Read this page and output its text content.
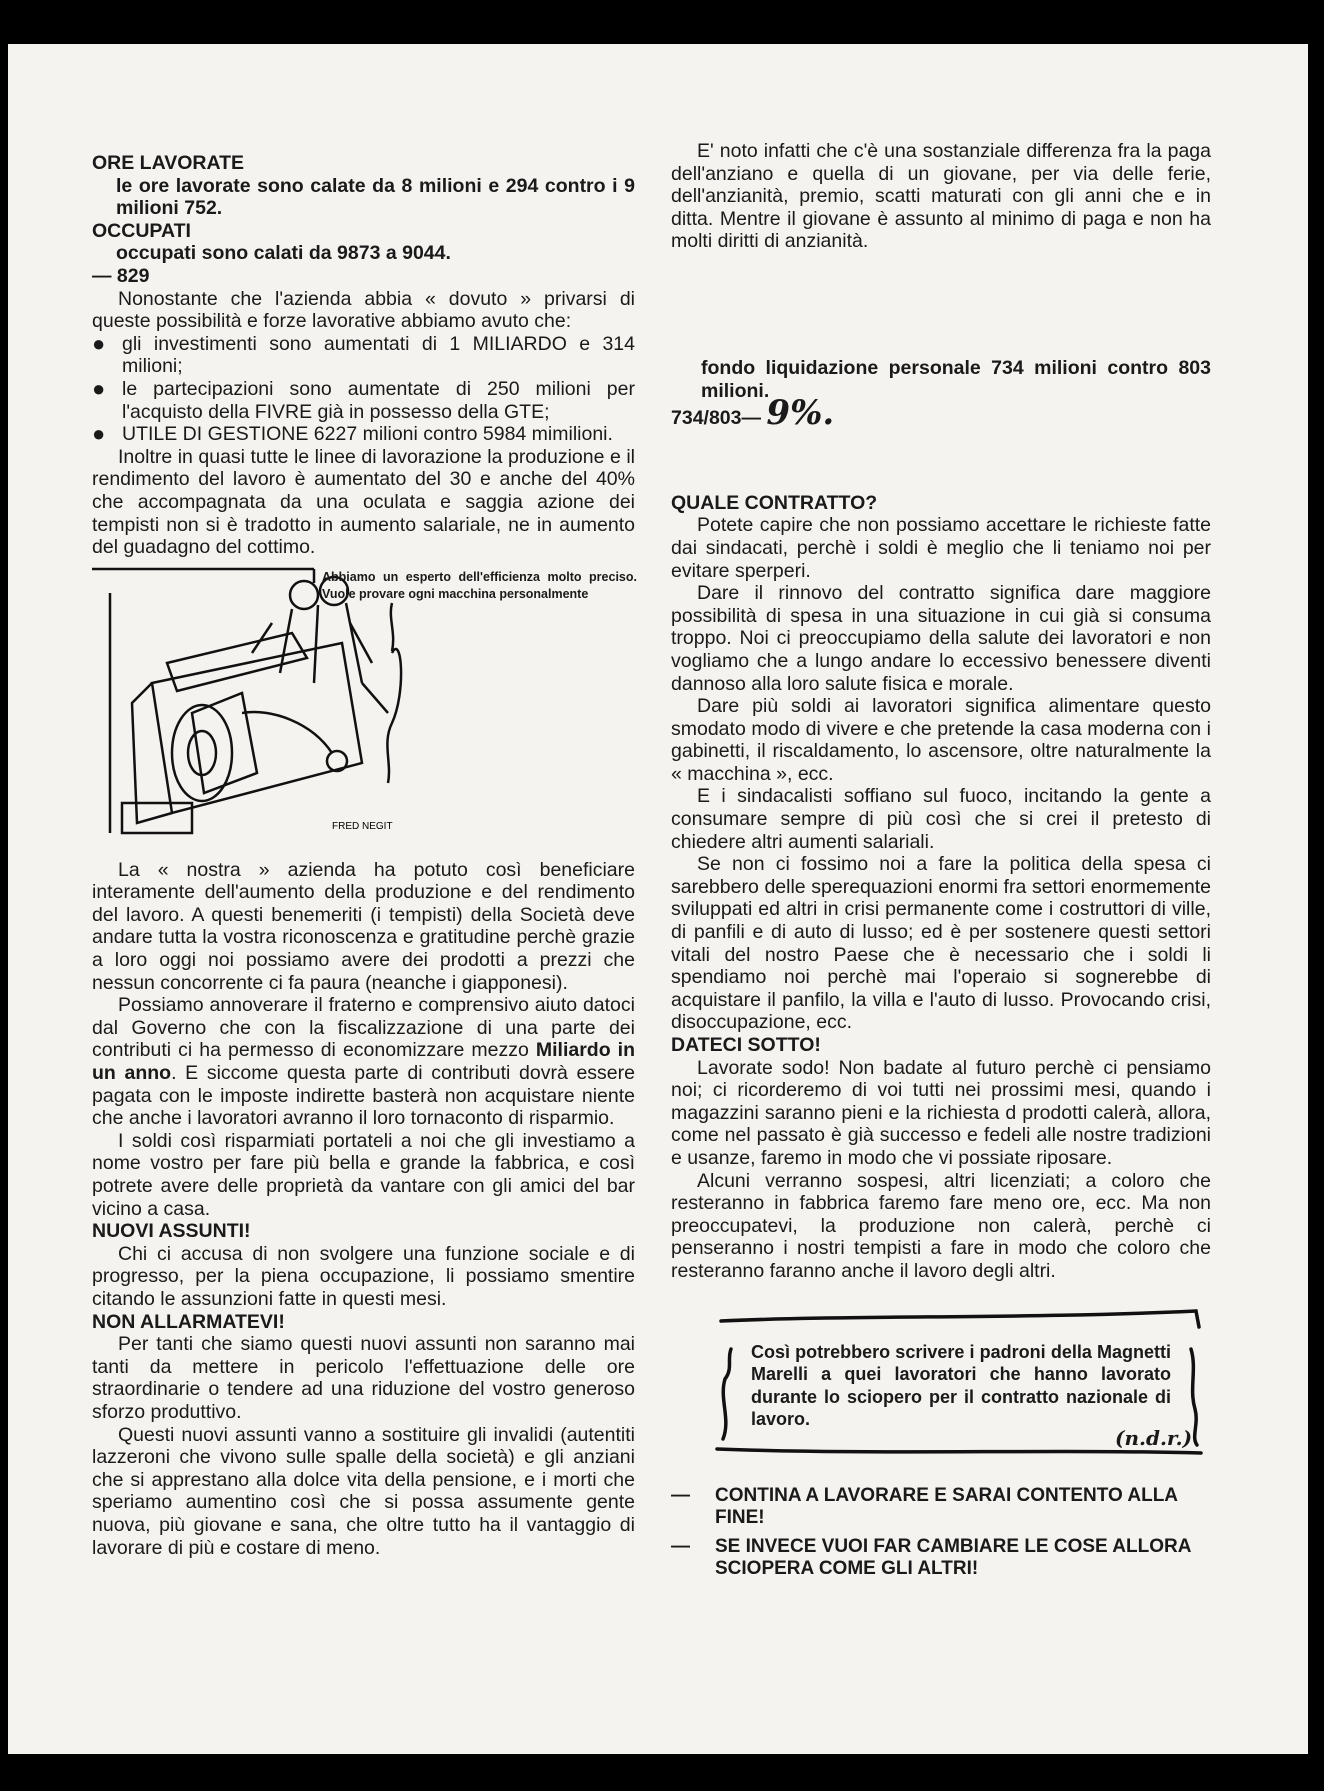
ORE LAVORATE

le ore lavorate sono calate da 8 milioni e 294 contro i 9 milioni 752.

OCCUPATI

occupati sono calati da 9873 a 9044.

— 829

Nonostante che l'azienda abbia « dovuto » privarsi di queste possibilità e forze lavorative abbiamo avuto che:

● gli investimenti sono aumentati di 1 MILIARDO e 314 milioni;

● le partecipazioni sono aumentate di 250 milioni per l'acquisto della FIVRE già in possesso della GTE;

● UTILE DI GESTIONE 6227 milioni contro 5984 mimilioni.

Inoltre in quasi tutte le linee di lavorazione la produzione e il rendimento del lavoro è aumentato del 30 e anche del 40% che accompagnata da una oculata e saggia azione dei tempisti non si è tradotto in aumento salariale, ne in aumento del guadagno del cottimo.

FRED NEGIT
Abbiamo un esperto dell'efficienza molto preciso. Vuole provare ogni macchina personalmente

La « nostra » azienda ha potuto così beneficiare interamente dell'aumento della produzione e del rendimento del lavoro. A questi benemeriti (i tempisti) della Società deve andare tutta la vostra riconoscenza e gratitudine perchè grazie a loro oggi noi possiamo avere dei prodotti a prezzi che nessun concorrente ci fa paura (neanche i giapponesi).

Possiamo annoverare il fraterno e comprensivo aiuto datoci dal Governo che con la fiscalizzazione di una parte dei contributi ci ha permesso di economizzare mezzo Miliardo in un anno. E siccome questa parte di contributi dovrà essere pagata con le imposte indirette basterà non acquistare niente che anche i lavoratori avranno il loro tornaconto di risparmio.

I soldi così risparmiati portateli a noi che gli investiamo a nome vostro per fare più bella e grande la fabbrica, e così potrete avere delle proprietà da vantare con gli amici del bar vicino a casa.

NUOVI ASSUNTI!

Chi ci accusa di non svolgere una funzione sociale e di progresso, per la piena occupazione, li possiamo smentire citando le assunzioni fatte in questi mesi.

NON ALLARMATEVI!

Per tanti che siamo questi nuovi assunti non saranno mai tanti da mettere in pericolo l'effettuazione delle ore straordinarie o tendere ad una riduzione del vostro generoso sforzo produttivo.

Questi nuovi assunti vanno a sostituire gli invalidi (autentiti lazzeroni che vivono sulle spalle della società) e gli anziani che si apprestano alla dolce vita della pensione, e i morti che speriamo aumentino così che si possa assumente gente nuova, più giovane e sana, che oltre tutto ha il vantaggio di lavorare di più e costare di meno.

E' noto infatti che c'è una sostanziale differenza fra la paga dell'anziano e quella di un giovane, per via delle ferie, dell'anzianità, premio, scatti maturati con gli anni che e in ditta. Mentre il giovane è assunto al minimo di paga e non ha molti diritti di anzianità.

fondo liquidazione personale 734 milioni contro 803 milioni.

734/803— 9%.

QUALE CONTRATTO?

Potete capire che non possiamo accettare le richieste fatte dai sindacati, perchè i soldi è meglio che li teniamo noi per evitare sperperi.

Dare il rinnovo del contratto significa dare maggiore possibilità di spesa in una situazione in cui già si consuma troppo. Noi ci preoccupiamo della salute dei lavoratori e non vogliamo che a lungo andare lo eccessivo benessere diventi dannoso alla loro salute fisica e morale.

Dare più soldi ai lavoratori significa alimentare questo smodato modo di vivere e che pretende la casa moderna con i gabinetti, il riscaldamento, lo ascensore, oltre naturalmente la « macchina », ecc.

E i sindacalisti soffiano sul fuoco, incitando la gente a consumare sempre di più così che si crei il pretesto di chiedere altri aumenti salariali.

Se non ci fossimo noi a fare la politica della spesa ci sarebbero delle sperequazioni enormi fra settori enormemente sviluppati ed altri in crisi permanente come i costruttori di ville, di panfili e di auto di lusso; ed è per sostenere questi settori vitali del nostro Paese che è necessario che i soldi li spendiamo noi perchè mai l'operaio si sognerebbe di acquistare il panfilo, la villa e l'auto di lusso. Provocando crisi, disoccupazione, ecc.

DATECI SOTTO!

Lavorate sodo! Non badate al futuro perchè ci pensiamo noi; ci ricorderemo di voi tutti nei prossimi mesi, quando i magazzini saranno pieni e la richiesta d prodotti calerà, allora, come nel passato è già successo e fedeli alle nostre tradizioni e usanze, faremo in modo che vi possiate riposare.

Alcuni verranno sospesi, altri licenziati; a coloro che resteranno in fabbrica faremo fare meno ore, ecc. Ma non preoccupatevi, la produzione non calerà, perchè ci penseranno i nostri tempisti a fare in modo che coloro che resteranno faranno anche il lavoro degli altri.

Così potrebbero scrivere i padroni della Magnetti Marelli a quei lavoratori che hanno lavorato durante lo sciopero per il contratto nazionale di lavoro.
(n.d.r.)
—	CONTINA A LAVORARE E SARAI CONTENTO ALLA FINE!
—	SE INVECE VUOI FAR CAMBIARE LE COSE ALLORA SCIOPERA COME GLI ALTRI!
